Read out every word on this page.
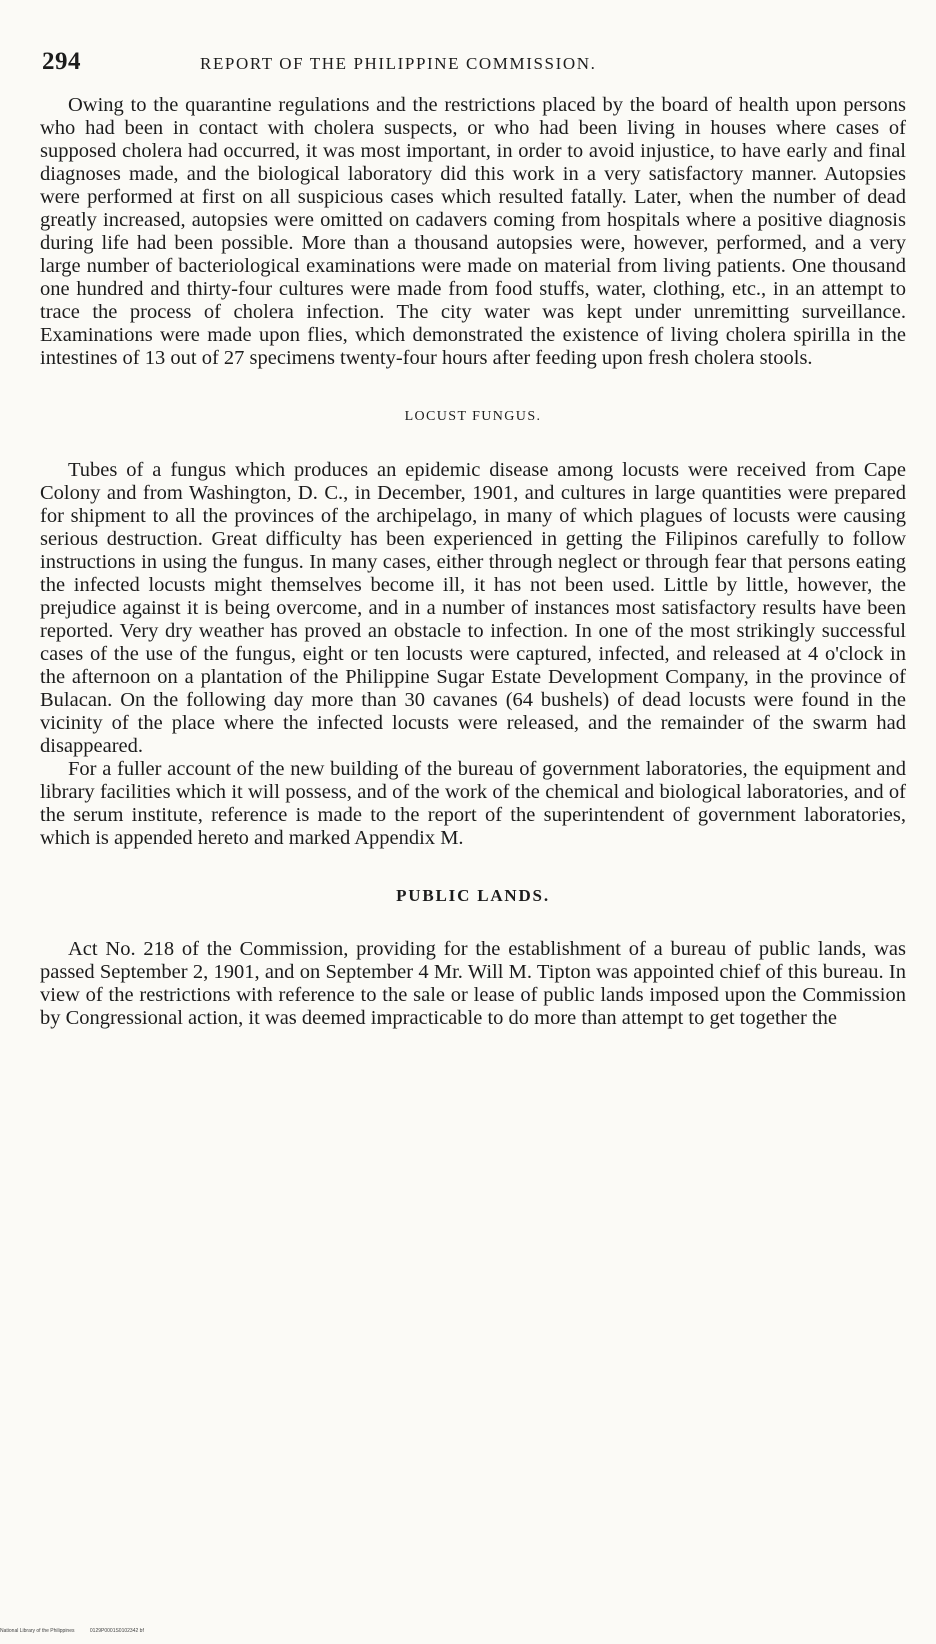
294	REPORT OF THE PHILIPPINE COMMISSION.

Owing to the quarantine regulations and the restrictions placed by the board of health upon persons who had been in contact with cholera suspects, or who had been living in houses where cases of supposed cholera had occurred, it was most important, in order to avoid injustice, to have early and final diagnoses made, and the biological laboratory did this work in a very satisfactory manner. Autopsies were performed at first on all suspicious cases which resulted fatally. Later, when the number of dead greatly increased, autopsies were omitted on cadavers coming from hospitals where a positive diagnosis during life had been possible. More than a thousand autopsies were, however, performed, and a very large number of bacteriological examinations were made on material from living patients. One thousand one hundred and thirty-four cultures were made from food stuffs, water, clothing, etc., in an attempt to trace the process of cholera infection. The city water was kept under unremitting surveillance. Examinations were made upon flies, which demonstrated the existence of living cholera spirilla in the intestines of 13 out of 27 specimens twenty-four hours after feeding upon fresh cholera stools.

LOCUST FUNGUS.

Tubes of a fungus which produces an epidemic disease among locusts were received from Cape Colony and from Washington, D. C., in December, 1901, and cultures in large quantities were prepared for shipment to all the provinces of the archipelago, in many of which plagues of locusts were causing serious destruction. Great difficulty has been experienced in getting the Filipinos carefully to follow instructions in using the fungus. In many cases, either through neglect or through fear that persons eating the infected locusts might themselves become ill, it has not been used. Little by little, however, the prejudice against it is being overcome, and in a number of instances most satisfactory results have been reported. Very dry weather has proved an obstacle to infection. In one of the most strikingly successful cases of the use of the fungus, eight or ten locusts were captured, infected, and released at 4 o'clock in the afternoon on a plantation of the Philippine Sugar Estate Development Company, in the province of Bulacan. On the following day more than 30 cavanes (64 bushels) of dead locusts were found in the vicinity of the place where the infected locusts were released, and the remainder of the swarm had disappeared.

For a fuller account of the new building of the bureau of government laboratories, the equipment and library facilities which it will possess, and of the work of the chemical and biological laboratories, and of the serum institute, reference is made to the report of the superintendent of government laboratories, which is appended hereto and marked Appendix M.

PUBLIC LANDS.

Act No. 218 of the Commission, providing for the establishment of a bureau of public lands, was passed September 2, 1901, and on September 4 Mr. Will M. Tipton was appointed chief of this bureau. In view of the restrictions with reference to the sale or lease of public lands imposed upon the Commission by Congressional action, it was deemed impracticable to do more than attempt to get together the

National Library of the Philippines	0129P0001S0102342 bf
